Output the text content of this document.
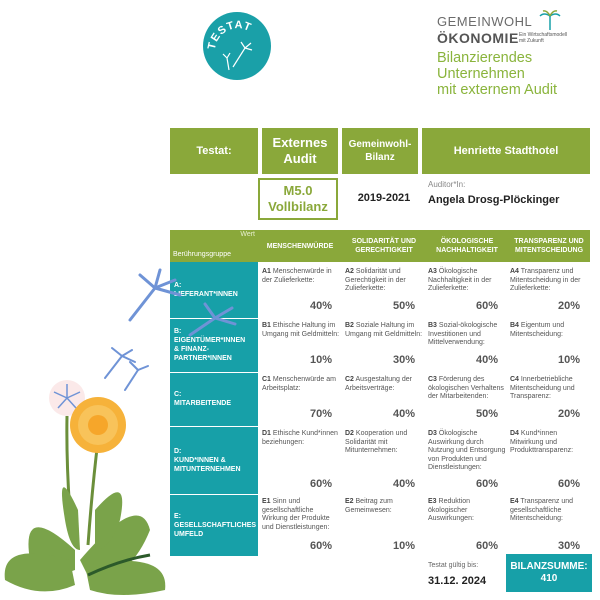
TESTAT	GEMEINWOHL
ÖKONOMIE Ein Wirtschaftsmodell
mit Zukunft
Bilanzierendes
Unternehmen
mit externem Audit
Testat:
Externes
Audit
Gemeinwohl-
Bilanz
Henriette Stadthotel
M5.0
Vollbilanz
2019-2021
Auditor*In:
Angela Drosg-Plöckinger
Wert
Berührungsgruppe
MENSCHENWÜRDE
SOLIDARITÄT UND
GERECHTIGKEIT
ÖKOLOGISCHE
NACHHALTIGKEIT
TRANSPARENZ UND
MITENTSCHEIDUNG
A:
LIEFERANT*INNEN
B:
EIGENTÜMER*INNEN
& FINANZ-
PARTNER*INNEN
C:
MITARBEITENDE
D:
KUND*INNEN &
MITUNTERNEHMEN
E:
GESELLSCHAFTLICHES
UMFELD
A1 Menschenwürde in der Zulieferkette:
40%
A2 Solidarität und Gerechtigkeit in der Zulieferkette:
50%
A3 Ökologische Nachhaltigkeit in der Zulieferkette:
60%
A4 Transparenz und Mitentscheidung in der Zulieferkette:
20%
B1 Ethische Haltung im Umgang mit Geldmitteln:
10%
B2 Soziale Haltung im Umgang mit Geldmitteln:
30%
B3 Sozial-ökologische Investitionen und Mittelverwendung:
40%
B4 Eigentum und Mitentscheidung:
10%
C1 Menschenwürde am Arbeitsplatz:
70%
C2 Ausgestaltung der Arbeitsverträge:
40%
C3 Förderung des ökologischen Verhaltens der Mitarbeitenden:
50%
C4 Innerbetriebliche Mitentscheidung und Transparenz:
20%
D1 Ethische Kund*innen beziehungen:
60%
D2 Kooperation und Solidarität mit Mitunternehmen:
40%
D3 Ökologische Auswirkung durch Nutzung und Entsorgung von Produkten und Dienstleistungen:
60%
D4 Kund*innen Mitwirkung und Produkttransparenz:
60%
E1 Sinn und gesellschaftliche Wirkung der Produkte und Dienstleistungen:
60%
E2 Beitrag zum Gemeinwesen:
10%
E3 Reduktion ökologischer Auswirkungen:
60%
E4 Transparenz und gesellschaftliche Mitentscheidung:
30%
Testat gültig bis:
31.12. 2024
BILANZSUMME:
410
